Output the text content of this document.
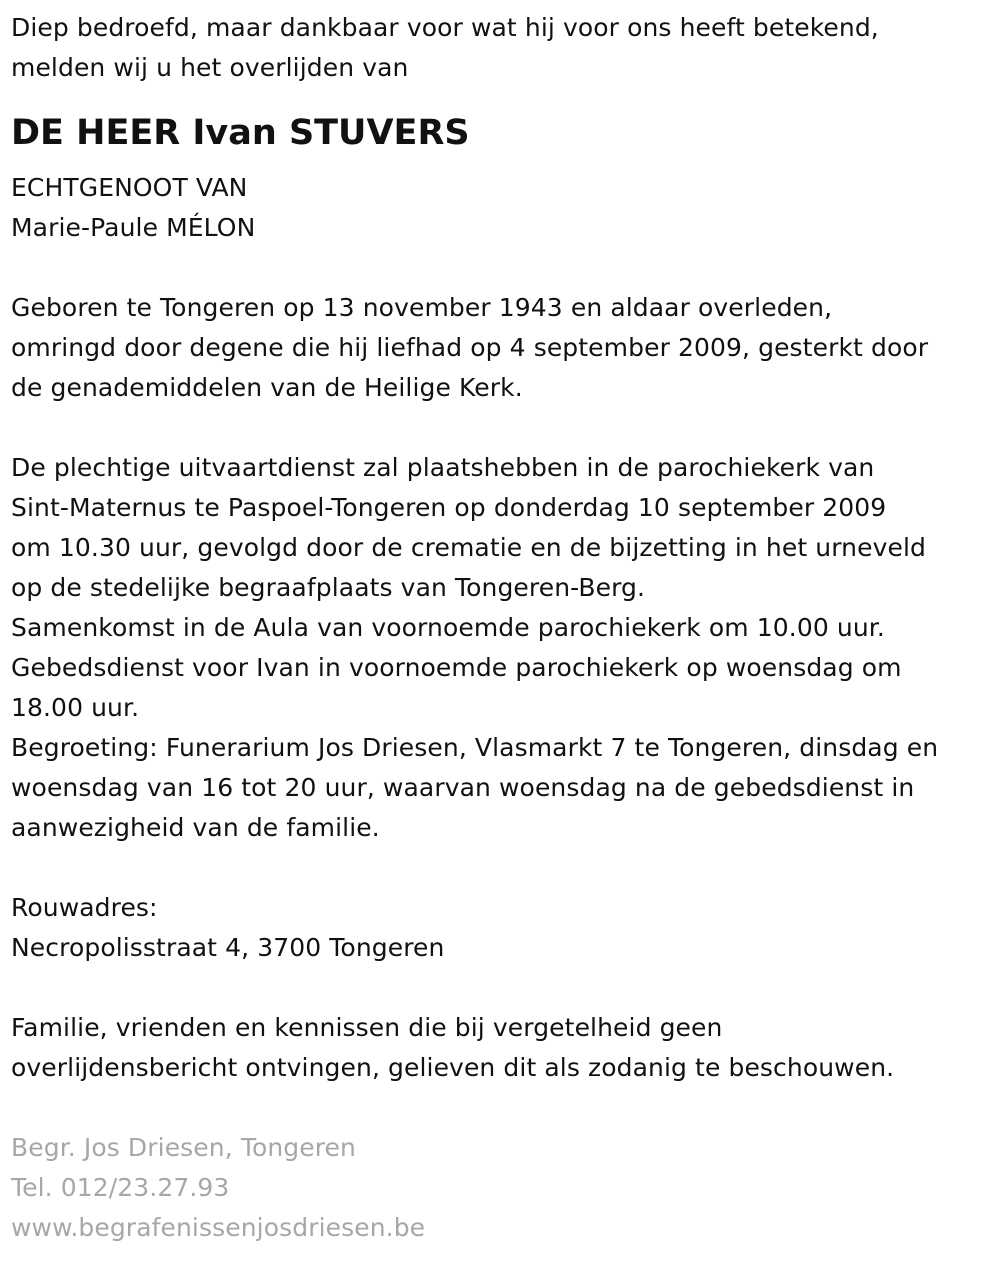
Diep bedroefd, maar dankbaar voor wat hij voor ons heeft betekend,
melden wij u het overlijden van
DE HEER Ivan STUVERS
ECHTGENOOT VAN
Marie-Paule MÉLON
Geboren te Tongeren op 13 november 1943 en aldaar overleden,
omringd door degene die hij liefhad op 4 september 2009, gesterkt door
de genademiddelen van de Heilige Kerk.
De plechtige uitvaartdienst zal plaatshebben in de parochiekerk van
Sint-Maternus te Paspoel-Tongeren op donderdag 10 september 2009
om 10.30 uur, gevolgd door de crematie en de bijzetting in het urneveld
op de stedelijke begraafplaats van Tongeren-Berg.
Samenkomst in de Aula van voornoemde parochiekerk om 10.00 uur.
Gebedsdienst voor Ivan in voornoemde parochiekerk op woensdag om
18.00 uur.
Begroeting: Funerarium Jos Driesen, Vlasmarkt 7 te Tongeren, dinsdag en
woensdag van 16 tot 20 uur, waarvan woensdag na de gebedsdienst in
aanwezigheid van de familie.
Rouwadres:
Necropolisstraat 4, 3700 Tongeren
Familie, vrienden en kennissen die bij vergetelheid geen
overlijdensbericht ontvingen, gelieven dit als zodanig te beschouwen.
Begr. Jos Driesen, Tongeren
Tel. 012/23.27.93
www.begrafenissenjosdriesen.be
